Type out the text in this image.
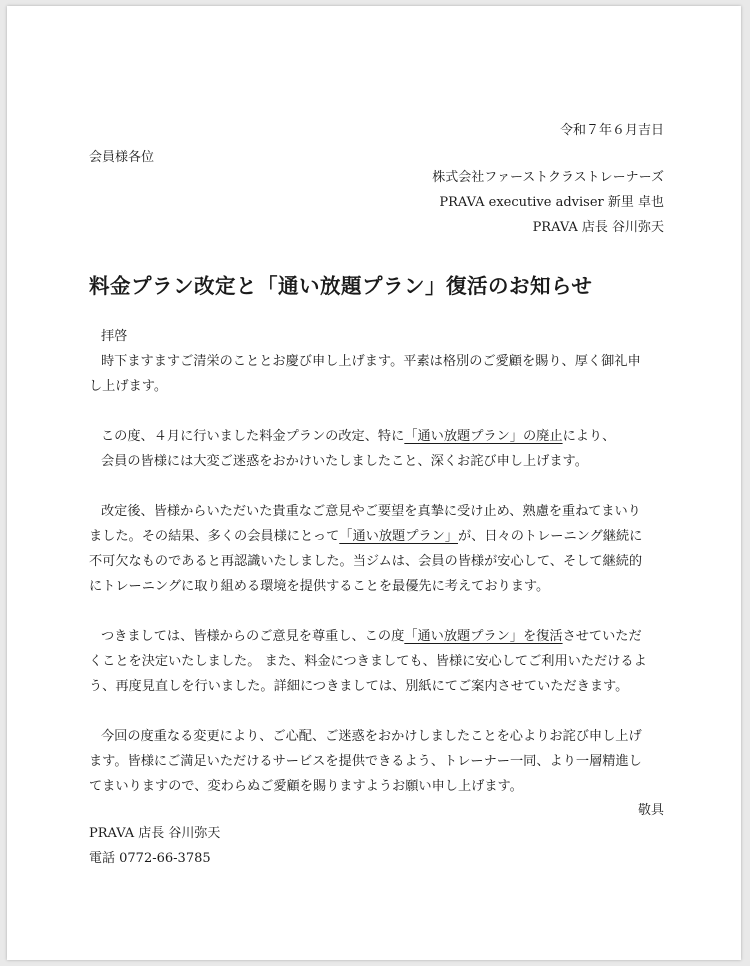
令和７年６月吉日
会員様各位
株式会社ファーストクラストレーナーズ
PRAVA executive adviser 新里 卓也
PRAVA 店長 谷川弥天
料金プラン改定と「通い放題プラン」復活のお知らせ

拝啓

時下ますますご清栄のこととお慶び申し上げます。平素は格別のご愛顧を賜り、厚く御礼申

し上げます。

この度、４月に行いました料金プランの改定、特に「通い放題プラン」の廃止により、

会員の皆様には大変ご迷惑をおかけいたしましたこと、深くお詫び申し上げます。

改定後、皆様からいただいた貴重なご意見やご要望を真摯に受け止め、熟慮を重ねてまいり

ました。その結果、多くの会員様にとって「通い放題プラン」が、日々のトレーニング継続に

不可欠なものであると再認識いたしました。当ジムは、会員の皆様が安心して、そして継続的

にトレーニングに取り組める環境を提供することを最優先に考えております。

つきましては、皆様からのご意見を尊重し、この度「通い放題プラン」を復活させていただ

くことを決定いたしました。 また、料金につきましても、皆様に安心してご利用いただけるよ

う、再度見直しを行いました。詳細につきましては、別紙にてご案内させていただきます。

今回の度重なる変更により、ご心配、ご迷惑をおかけしましたことを心よりお詫び申し上げ

ます。皆様にご満足いただけるサービスを提供できるよう、トレーナー一同、より一層精進し

てまいりますので、変わらぬご愛顧を賜りますようお願い申し上げます。

敬具
PRAVA 店長 谷川弥天
電話 0772-66-3785
